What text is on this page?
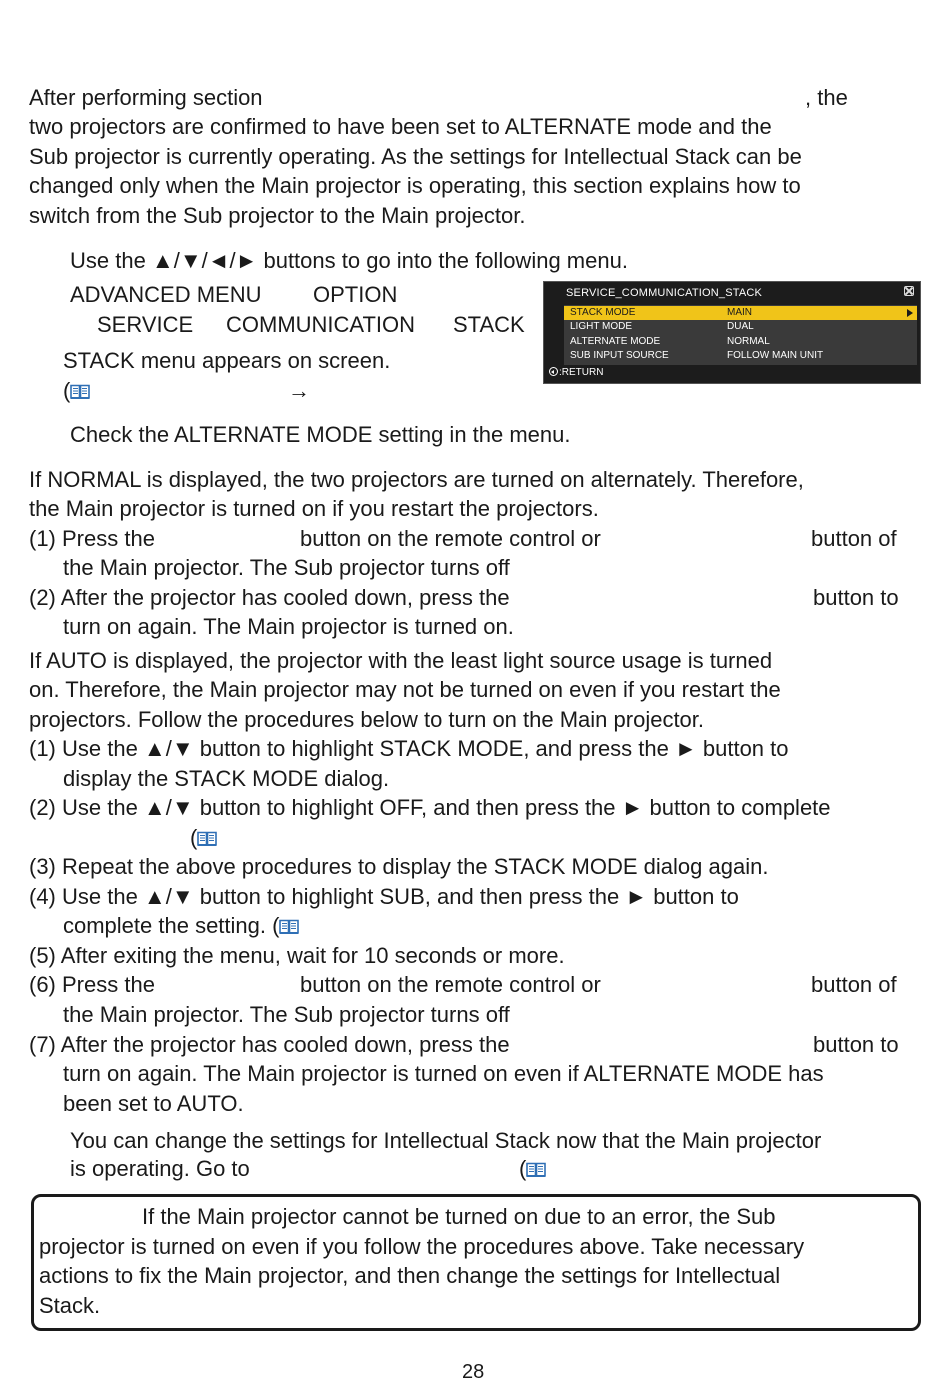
After performing section	, the
two projectors are confirmed to have been set to ALTERNATE mode and the
Sub projector is currently operating. As the settings for Intellectual Stack can be
changed only when the Main projector is operating, this section explains how to
switch from the Sub projector to the Main projector.
Use the ▲/▼/◄/► buttons to go into the following menu.
ADVANCED MENU OPTION
SERVICE COMMUNICATION STACK
STACK menu appears on screen.
(	→
SERVICE_COMMUNICATION_STACK
STACK MODE	MAIN
LIGHT MODE	DUAL
ALTERNATE MODE	NORMAL
SUB INPUT SOURCE	FOLLOW MAIN UNIT
:RETURN
Check the ALTERNATE MODE setting in the menu.
If NORMAL is displayed, the two projectors are turned on alternately. Therefore,
the Main projector is turned on if you restart the projectors.
(1) Press the	button on the remote control or	button of
the Main projector. The Sub projector turns off
(2) After the projector has cooled down, press the	button to
turn on again. The Main projector is turned on.
If AUTO is displayed, the projector with the least light source usage is turned
on. Therefore, the Main projector may not be turned on even if you restart the
projectors. Follow the procedures below to turn on the Main projector.
(1) Use the ▲/▼ button to highlight STACK MODE, and press the ► button to
display the STACK MODE dialog.
(2) Use the ▲/▼ button to highlight OFF, and then press the ► button to complete
(
(3) Repeat the above procedures to display the STACK MODE dialog again.
(4) Use the ▲/▼ button to highlight SUB, and then press the ► button to
complete the setting. (
(5) After exiting the menu, wait for 10 seconds or more.
(6) Press the	button on the remote control or	button of
the Main projector. The Sub projector turns off
(7) After the projector has cooled down, press the	button to
turn on again. The Main projector is turned on even if ALTERNATE MODE has
been set to AUTO.
You can change the settings for Intellectual Stack now that the Main projector
is operating. Go to	(
If the Main projector cannot be turned on due to an error, the Sub
projector is turned on even if you follow the procedures above. Take necessary
actions to fix the Main projector, and then change the settings for Intellectual
Stack.
28
